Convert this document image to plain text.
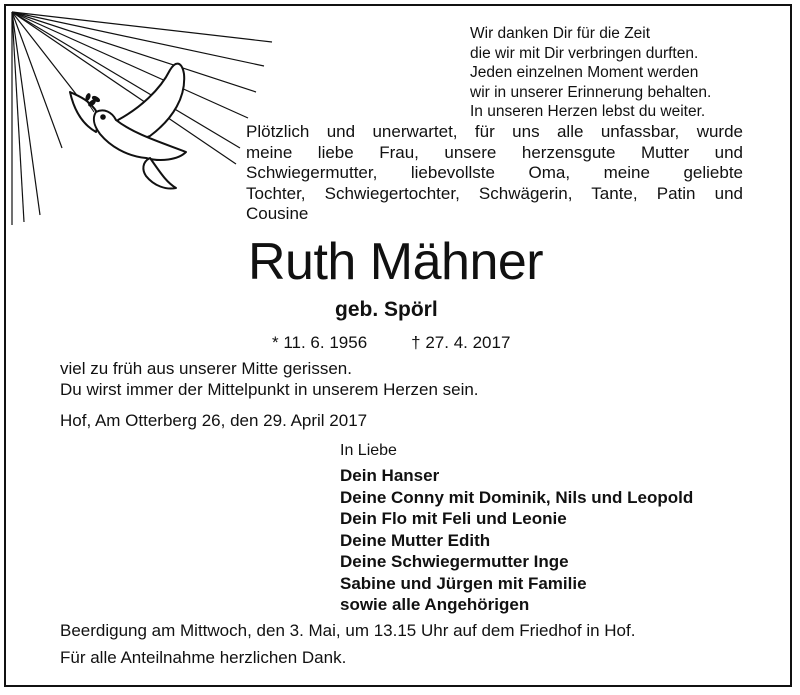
Wir danken Dir für die Zeit
die wir mit Dir verbringen durften.
Jeden einzelnen Moment werden
wir in unserer Erinnerung behalten.
In unseren Herzen lebst du weiter.
Plötzlich und unerwartet, für uns alle unfassbar, wurde
meine liebe Frau, unsere herzensgute Mutter und
Schwiegermutter, liebevollste Oma, meine geliebte
Tochter, Schwiegertochter, Schwägerin, Tante, Patin und
Cousine
Ruth Mähner
geb. Spörl
* 11. 6. 1956	† 27. 4. 2017
viel zu früh aus unserer Mitte gerissen.
Du wirst immer der Mittelpunkt in unserem Herzen sein.
Hof, Am Otterberg 26, den 29. April 2017
In Liebe
Dein Hanser
Deine Conny mit Dominik, Nils und Leopold
Dein Flo mit Feli und Leonie
Deine Mutter Edith
Deine Schwiegermutter Inge
Sabine und Jürgen mit Familie
sowie alle Angehörigen
Beerdigung am Mittwoch, den 3. Mai, um 13.15 Uhr auf dem Friedhof in Hof.
Für alle Anteilnahme herzlichen Dank.
